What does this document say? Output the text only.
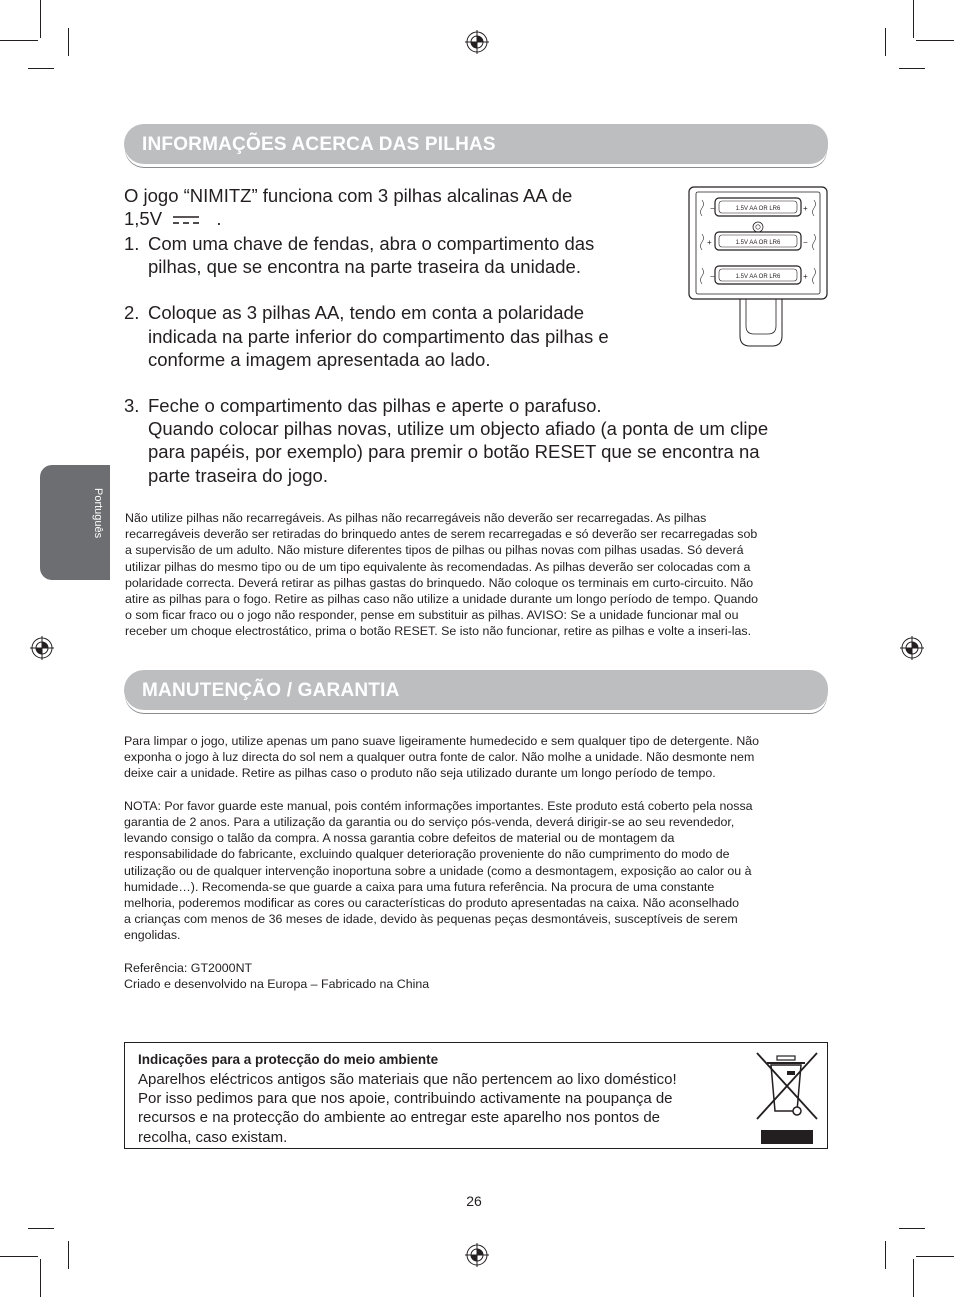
Português
INFORMAÇÕES ACERCA DAS PILHAS
O jogo “NIMITZ” funciona com 3 pilhas alcalinas AA de
1,5V	.
1. Com uma chave de fendas, abra o compartimento das
pilhas, que se encontra na parte traseira da unidade.
2. Coloque as 3 pilhas AA, tendo em conta a polaridade
indicada na parte inferior do compartimento das pilhas e
conforme a imagem apresentada ao lado.
3. Feche o compartimento das pilhas e aperte o parafuso.
Quando colocar pilhas novas, utilize um objecto afiado (a ponta de um clipe
para papéis, por exemplo) para premir o botão RESET que se encontra na
parte traseira do jogo.
1.5V AA OR LR6
−	+
1.5V AA OR LR6
+	−
1.5V AA OR LR6
−	+
Não utilize pilhas não recarregáveis. As pilhas não recarregáveis não deverão ser recarregadas. As pilhas
recarregáveis deverão ser retiradas do brinquedo antes de serem recarregadas e só deverão ser recarregadas sob
a supervisão de um adulto. Não misture diferentes tipos de pilhas ou pilhas novas com pilhas usadas. Só deverá
utilizar pilhas do mesmo tipo ou de um tipo equivalente às recomendadas. As pilhas deverão ser colocadas com a
polaridade correcta. Deverá retirar as pilhas gastas do brinquedo. Não coloque os terminais em curto-circuito. Não
atire as pilhas para o fogo. Retire as pilhas caso não utilize a unidade durante um longo período de tempo. Quando
o som ficar fraco ou o jogo não responder, pense em substituir as pilhas. AVISO: Se a unidade funcionar mal ou
receber um choque electrostático, prima o botão RESET. Se isto não funcionar, retire as pilhas e volte a inseri-las.
MANUTENÇÃO / GARANTIA
Para limpar o jogo, utilize apenas um pano suave ligeiramente humedecido e sem qualquer tipo de detergente. Não
exponha o jogo à luz directa do sol nem a qualquer outra fonte de calor. Não molhe a unidade. Não desmonte nem
deixe cair a unidade. Retire as pilhas caso o produto não seja utilizado durante um longo período de tempo.
NOTA: Por favor guarde este manual, pois contém informações importantes. Este produto está coberto pela nossa
garantia de 2 anos. Para a utilização da garantia ou do serviço pós-venda, deverá dirigir-se ao seu revendedor,
levando consigo o talão da compra. A nossa garantia cobre defeitos de material ou de montagem da
responsabilidade do fabricante, excluindo qualquer deterioração proveniente do não cumprimento do modo de
utilização ou de qualquer intervenção inoportuna sobre a unidade (como a desmontagem, exposição ao calor ou à
humidade…). Recomenda-se que guarde a caixa para uma futura referência. Na procura de uma constante
melhoria, poderemos modificar as cores ou características do produto apresentadas na caixa. Não aconselhado
a crianças com menos de 36 meses de idade, devido às pequenas peças desmontáveis, susceptíveis de serem
engolidas.
Referência: GT2000NT
Criado e desenvolvido na Europa – Fabricado na China
Indicações para a protecção do meio ambiente
Aparelhos eléctricos antigos são materiais que não pertencem ao lixo doméstico!
Por isso pedimos para que nos apoie, contribuindo activamente na poupança de
recursos e na protecção do ambiente ao entregar este aparelho nos pontos de
recolha, caso existam.
26
